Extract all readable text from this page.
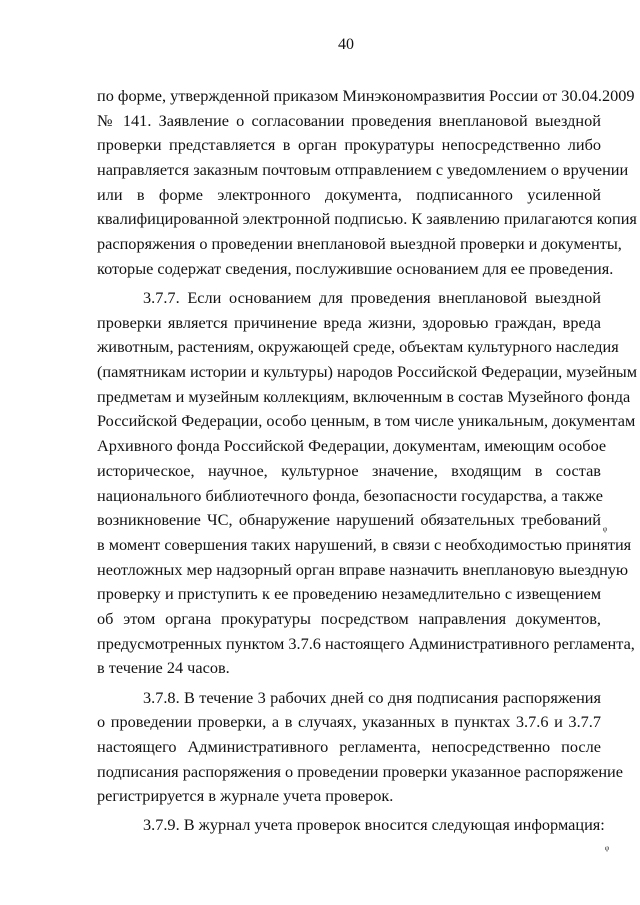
40
по форме, утвержденной приказом Минэкономразвития России от 30.04.2009
№ 141. Заявление о согласовании проведения внеплановой выездной
проверки представляется в орган прокуратуры непосредственно либо
направляется заказным почтовым отправлением с уведомлением о вручении
или в форме электронного документа, подписанного усиленной
квалифицированной электронной подписью. К заявлению прилагаются копия
распоряжения о проведении внеплановой выездной проверки и документы,
которые содержат сведения, послужившие основанием для ее проведения.
3.7.7. Если основанием для проведения внеплановой выездной
проверки является причинение вреда жизни, здоровью граждан, вреда
животным, растениям, окружающей среде, объектам культурного наследия
(памятникам истории и культуры) народов Российской Федерации, музейным
предметам и музейным коллекциям, включенным в состав Музейного фонда
Российской Федерации, особо ценным, в том числе уникальным, документам
Архивного фонда Российской Федерации, документам, имеющим особое
историческое, научное, культурное значение, входящим в состав
национального библиотечного фонда, безопасности государства, а также
возникновение ЧС, обнаружение нарушений обязательных требований
в момент совершения таких нарушений, в связи с необходимостью принятия
неотложных мер надзорный орган вправе назначить внеплановую выездную
проверку и приступить к ее проведению незамедлительно с извещением
об этом органа прокуратуры посредством направления документов,
предусмотренных пунктом 3.7.6 настоящего Административного регламента,
в течение 24 часов.
3.7.8. В течение 3 рабочих дней со дня подписания распоряжения
о проведении проверки, а в случаях, указанных в пунктах 3.7.6 и 3.7.7
настоящего Административного регламента, непосредственно после
подписания распоряжения о проведении проверки указанное распоряжение
регистрируется в журнале учета проверок.
3.7.9. В журнал учета проверок вносится следующая информация:
ᵩ
ᵩ
